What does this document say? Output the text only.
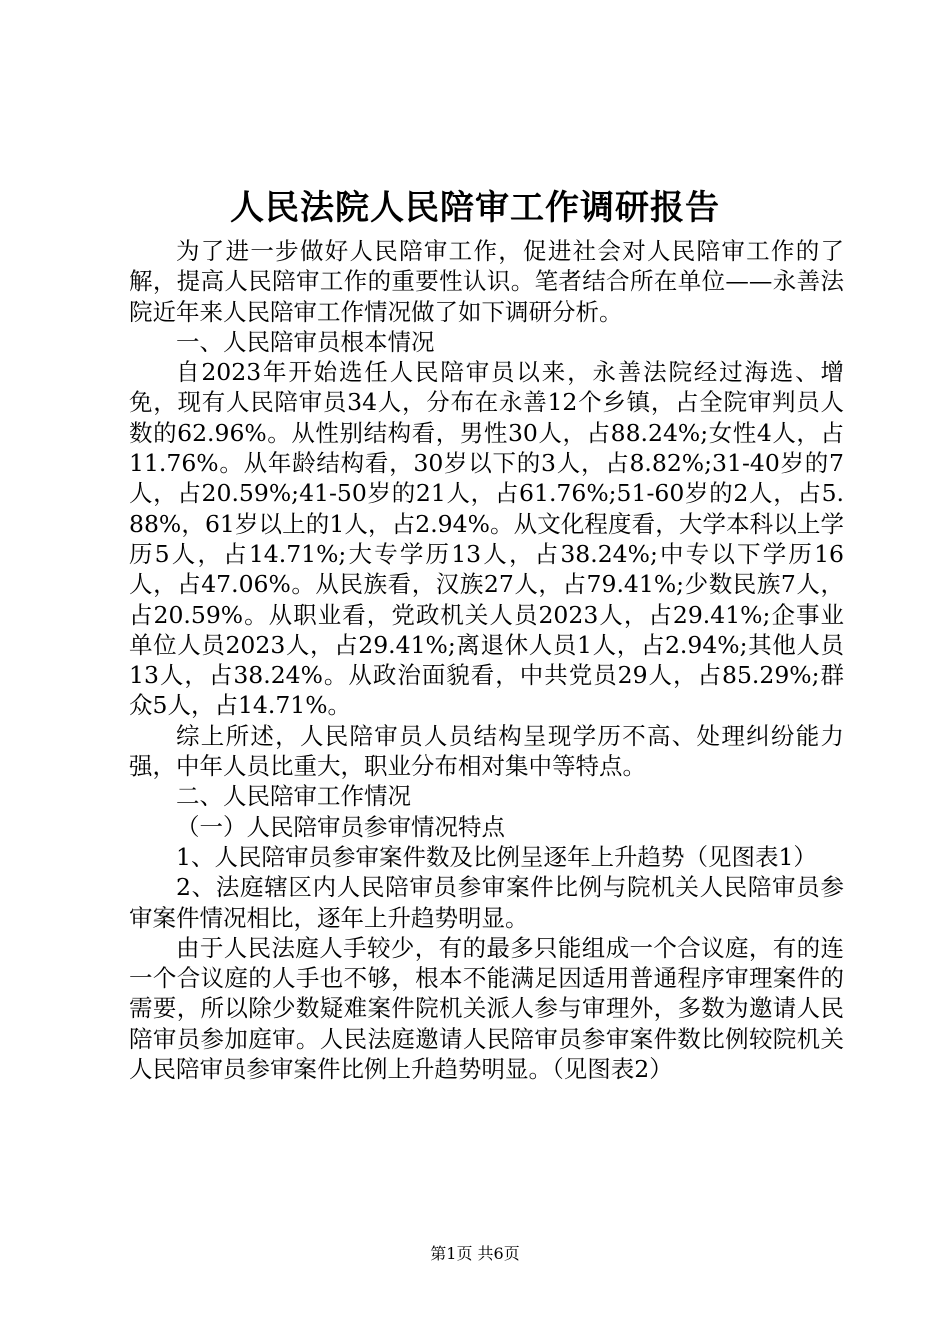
人民法院人民陪审工作调研报告

为了进一步做好人民陪审工作，促进社会对人民陪审工作的了解，提高人民陪审工作的重要性认识。笔者结合所在单位——永善法院近年来人民陪审工作情况做了如下调研分析。

一、人民陪审员根本情况

自2023年开始选任人民陪审员以来，永善法院经过海选、增免，现有人民陪审员34人，分布在永善12个乡镇，占全院审判员人数的62.96%。从性别结构看，男性30人，占88.24%;女性4人，占11.76%。从年龄结构看，30岁以下的3人，占8.82%;31-40岁的7人，占20.59%;41-50岁的21人，占61.76%;51-60岁的2人，占5.88%，61岁以上的1人，占2.94%。从文化程度看，大学本科以上学历5人，占14.71%;大专学历13人，占38.24%;中专以下学历16人，占47.06%。从民族看，汉族27人，占79.41%;少数民族7人，占20.59%。从职业看，党政机关人员2023人，占29.41%;企事业单位人员2023人，占29.41%;离退休人员1人，占2.94%;其他人员13人，占38.24%。从政治面貌看，中共党员29人，占85.29%;群众5人，占14.71%。

综上所述，人民陪审员人员结构呈现学历不高、处理纠纷能力强，中年人员比重大，职业分布相对集中等特点。

二、人民陪审工作情况

（一）人民陪审员参审情况特点

1、人民陪审员参审案件数及比例呈逐年上升趋势（见图表1）

2、法庭辖区内人民陪审员参审案件比例与院机关人民陪审员参审案件情况相比，逐年上升趋势明显。

由于人民法庭人手较少，有的最多只能组成一个合议庭，有的连一个合议庭的人手也不够，根本不能满足因适用普通程序审理案件的需要，所以除少数疑难案件院机关派人参与审理外，多数为邀请人民陪审员参加庭审。人民法庭邀请人民陪审员参审案件数比例较院机关人民陪审员参审案件比例上升趋势明显。（见图表2）

第1页 共6页
